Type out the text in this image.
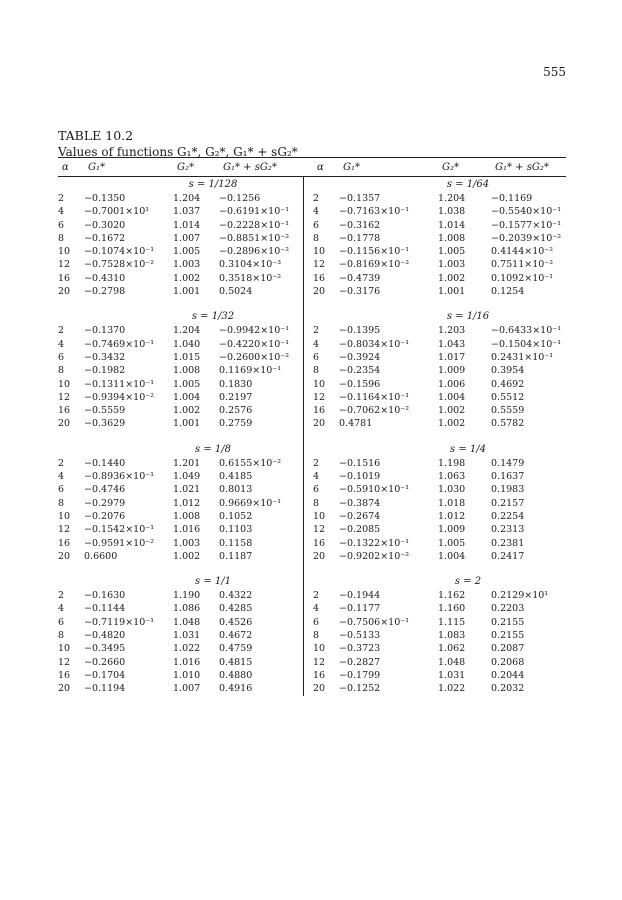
555
TABLE 10.2
Values of functions G₁*, G₂*, G₁* + sG₂*
α G₁*	G₂*	G₁* + sG₂*	α G₁*	G₂*	G₁* + sG₂*
s = 1/128
2 −0.1350	1.204 −0.1256
4 −0.7001×10¹	1.037 −0.6191×10⁻¹
6 −0.3020	1.014 −0.2228×10⁻¹
8 −0.1672	1.007 −0.8851×10⁻²
10 −0.1074×10⁻¹ 1.005 −0.2896×10⁻²
12 −0.7528×10⁻² 1.003 0.3104×10⁻³
16 −0.4310	1.002 0.3518×10⁻²
20 −0.2798	1.001 0.5024
s = 1/32
2 −0.1370	1.204 −0.9942×10⁻¹
4 −0.7469×10⁻¹ 1.040 −0.4220×10⁻¹
6 −0.3432	1.015 −0.2600×10⁻²
8 −0.1982	1.008 0.1169×10⁻¹
10 −0.1311×10⁻¹ 1.005 0.1830
12 −0.9394×10⁻² 1.004 0.2197
16 −0.5559	1.002 0.2576
20 −0.3629	1.001 0.2759
s = 1/8
2 −0.1440	1.201 0.6155×10⁻²
4 −0.8936×10⁻¹ 1.049 0.4185
6 −0.4746	1.021 0.8013
8 −0.2979	1.012 0.9669×10⁻¹
10 −0.2076	1.008 0.1052
12 −0.1542×10⁻¹ 1.016 0.1103
16 −0.9591×10⁻² 1.003 0.1158
20 0.6600	1.002 0.1187
s = 1/1
2 −0.1630	1.190 0.4322
4 −0.1144	1.086 0.4285
6 −0.7119×10⁻¹ 1.048 0.4526
8 −0.4820	1.031 0.4672
10 −0.3495	1.022 0.4759
12 −0.2660	1.016 0.4815
16 −0.1704	1.010 0.4880
20 −0.1194	1.007 0.4916
s = 1/64
2 −0.1357	1.204	−0.1169
4 −0.7163×10⁻¹	1.038	−0.5540×10⁻¹
6 −0.3162	1.014	−0.1577×10⁻¹
8 −0.1778	1.008	−0.2039×10⁻²
10 −0.1156×10⁻¹	1.005	0.4144×10⁻²
12 −0.8169×10⁻²	1.003	0.7511×10⁻²
16 −0.4739	1.002	0.1092×10⁻¹
20 −0.3176	1.001	0.1254
s = 1/16
2 −0.1395	1.203	−0.6433×10⁻¹
4 −0.8034×10⁻¹	1.043	−0.1504×10⁻¹
6 −0.3924	1.017	0.2431×10⁻¹
8 −0.2354	1.009	0.3954
10 −0.1596	1.006	0.4692
12 −0.1164×10⁻¹	1.004	0.5512
16 −0.7062×10⁻²	1.002	0.5559
20 0.4781	1.002	0.5782
s = 1/4
2 −0.1516	1.198	0.1479
4 −0.1019	1.063	0.1637
6 −0.5910×10⁻¹	1.030	0.1983
8 −0.3874	1.018	0.2157
10 −0.2674	1.012	0.2254
12 −0.2085	1.009	0.2313
16 −0.1322×10⁻¹	1.005	0.2381
20 −0.9202×10⁻²	1.004	0.2417
s = 2
2 −0.1944	1.162	0.2129×10¹
4 −0.1177	1.160	0.2203
6 −0.7506×10⁻¹	1.115	0.2155
8 −0.5133	1.083	0.2155
10 −0.3723	1.062	0.2087
12 −0.2827	1.048	0.2068
16 −0.1799	1.031	0.2044
20 −0.1252	1.022	0.2032
